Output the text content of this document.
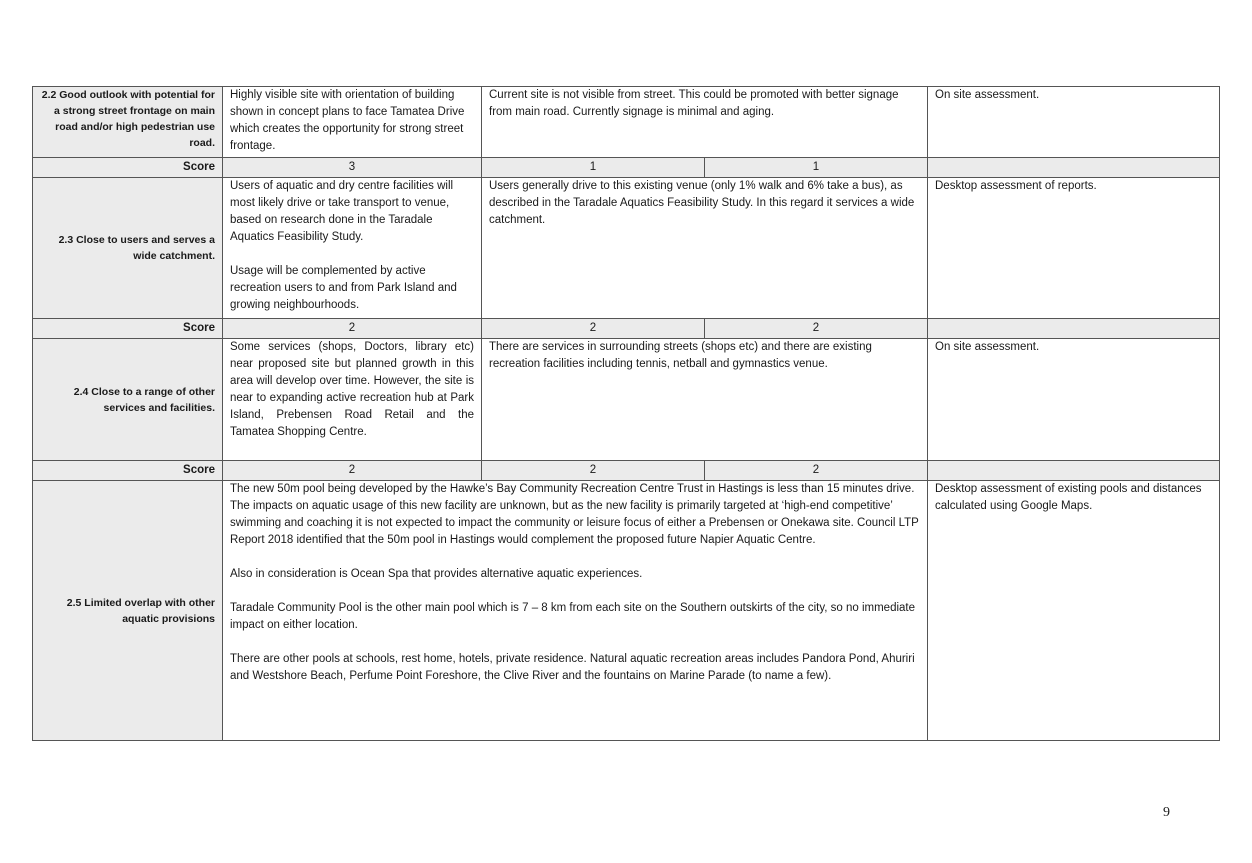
2.2 Good outlook with potential for a strong street frontage on main road and/or high pedestrian use road.	Highly visible site with orientation of building shown in concept plans to face Tamatea Drive which creates the opportunity for strong street frontage.	Current site is not visible from street. This could be promoted with better signage from main road. Currently signage is minimal and aging.		On site assessment.
Score	3	1	1	
2.3 Close to users and serves a wide catchment.	Users of aquatic and dry centre facilities will most likely drive or take transport to venue, based on research done in the Taradale Aquatics Feasibility Study.
Usage will be complemented by active recreation users to and from Park Island and growing neighbourhoods.	Users generally drive to this existing venue (only 1% walk and 6% take a bus), as described in the Taradale Aquatics Feasibility Study. In this regard it services a wide catchment.		Desktop assessment of reports.
Score	2	2	2	
2.4 Close to a range of other services and facilities.	Some services (shops, Doctors, library etc) near proposed site but planned growth in this area will develop over time. However, the site is near to expanding active recreation hub at Park Island, Prebensen Road Retail and the Tamatea Shopping Centre.	There are services in surrounding streets (shops etc) and there are existing recreation facilities including tennis, netball and gymnastics venue.		On site assessment.
Score	2	2	2	
2.5 Limited overlap with other aquatic provisions	The new 50m pool being developed by the Hawke’s Bay Community Recreation Centre Trust in Hastings is less than 15 minutes drive. The impacts on aquatic usage of this new facility are unknown, but as the new facility is primarily targeted at ‘high-end competitive’ swimming and coaching it is not expected to impact the community or leisure focus of either a Prebensen or Onekawa site. Council LTP Report 2018 identified that the 50m pool in Hastings would complement the proposed future Napier Aquatic Centre.
Also in consideration is Ocean Spa that provides alternative aquatic experiences.
Taradale Community Pool is the other main pool which is 7 – 8 km from each site on the Southern outskirts of the city, so no immediate impact on either location.
There are other pools at schools, rest home, hotels, private residence. Natural aquatic recreation areas includes Pandora Pond, Ahuriri and Westshore Beach, Perfume Point Foreshore, the Clive River and the fountains on Marine Parade (to name a few).			Desktop assessment of existing pools and distances calculated using Google Maps.
9
